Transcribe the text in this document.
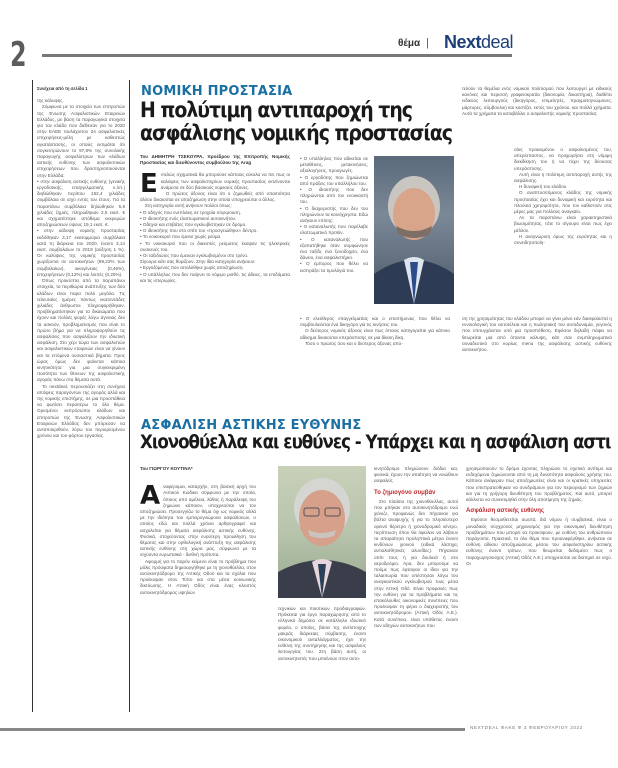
2	θέμα | Nextdeal
Συνέχεια από τη σελίδα 1

της κάλυψης.

Σύμφωνα με τα στοιχεία των επιτροπών της Ένωσης Ασφαλιστικών Εταιρειών Ελλάδος, με βάση τα παραγωγικά στοιχεία για τον κλάδο που διέθεσαν για το 2020 στην ΕΑΕΕ τουλάχιστον 24 ασφαλιστικές επιχειρήσεις-μέλη με καθεστώς εγκατάστασης, οι οποίες εκτιμάται ότι συγκεντρώνουν το 97,8% της συνολικής παραγωγής ασφαλίστρων των κλάδων αστικής ευθύνης των ασφαλιστικών επιχειρήσεων που δραστηριοποιούνται στην Ελλάδα:

• στην ασφάλιση αστικής ευθύνης (γενικής εργοδοτικής, επαγγελματικής κ.λπ.) διηθώθηκαν περίπου 152,4 χιλιάδες συμβόλαια σε ισχύ εντός του έτους. Για τα παραπάνω συμβόλαια δηλώθηκαν 5,8 χιλιάδες ζημιές, πληρώθηκαν 2,5 εκατ. € και σχηματίστηκε απόθεμα εκκρεμών αποζημιώσεων ύψους 19,1 εκατ. €.

• στην κάλυψη νομικής προστασίας εκδόθηκαν 3,17 εκατομμύρια συμβόλαια κατά τη διάρκεια του 2020, έναντι 3,14 εκατ. συμβολαίων το 2019 (αύξηση 1 %). Οι καλύψεις της νομικής προστασίας χωρίζονται σε αυτοκινήτων (99,22% των συμβολαίων), οικογένειας (0,46%), επιχειρήσεων (0,12%) και λοιπές (0,20%).

Όπως προκύπτει από τα παραπάνω στοιχεία, τα περιθώρια ανάπτυξης των δύο κλάδων είναι παρα πολύ μεγάλα. Τις τελευταίες ημέρες πάντως εκατοντάδες χιλιάδες άνθρωποι πληροφορήθηκαν, προβληματίστηκαν για τα δικαιώματα που έχουν και πολλές φορές λόγω άγνοιας δεν τα ασκούν, προβληματισμός που είναι το πρώτο βήμα για να πληροφορηθούν τις ασφαλίσεις που ασφαλίζουν την ιδιωτική ασφάλιση. Στο χέρι τώρα των ασφαλιστών και ασφαλιστικών εταιρειών είναι να γίνουν και τα επόμενα ουσιαστικά βήματα. Προς ώρας όμως δεν φαίνεται κάποια κινητικότητα για μια συγκεκριμένη ποσότητα των θέσεων της ασφαλιστικής αγοράς πάνω στα θέματα αυτά.

Το nextdeal, περουσιάζει στη συνέχεια απόψεις παραγόντων της αγοράς αλλά και της νομικής επιστήμης, σε μια προσπάθεια να φωτίσει περαιτέρω το όλο θέμα. Ορισμένοι εκπρόσωποι κλάδων και επιτροπών της Ένωσης Ασφαλιστικών Εταιρειών Ελλάδος δεν μπόρεσαν να ανταποκριθούν, λόγω του περιορισμένου χρόνου και του φόρτου εργασίας.

ΝΟΜΙΚΗ ΠΡΟΣΤΑΣΙΑ
Η πολύτιμη αντιπαροχή της
ασφάλισης νομικής προστασίας
Του ΔΗΜΗΤΡΗ ΤΣΕΚΟΥΡΑ, προέδρου της Επιτροπής Νομικής Προστασίας και διευθύνοντος συμβούλου της Arag
Ε ντελώς σχηματικά θα μπορούσε κάποιος εύκολα να πει πως οι καλύψεις των ασφαλιστηρίων νομικής προστασίας εκτείνονται ανάμεσα σε δύο βασικούς νομικούς άξονες.

Ο πρώτος άξονας είναι ότι ο ζημιωθείς από υπαιτιότητα άλλου δικαιούται σε αποζημίωση στην οποία υποχρεούται ο άλλος.

Στη κατηγορία αυτή ανήκουν πολλοί όπως:

• Ο οδηγός που ενεπλάκη σε τροχαία σύγκρουση.

• Ο ιδιοκτήτης ενός ελαττωματικού αυτοκινήτου.

• Οδηγοί και επιβάτες που εγκλωβίστηκαν σε δρόμο.

• Ο ιδιοκτήτης που στο σπίτι του «προσγειώθηκε» δέντρο.

• Το νοικοκυριό που έμεινε χωρίς ρεύμα.

• Το νοικοκυριό που οι διακοπές ρεύματος έκαψαν τις ηλεκτρικές συσκευές του.

• Οι ταξιδιώτες που έμειναν εγκλωβισμένοι στο τρένο.

Σίγουρα κάτι σας θυμίζουν. Στην ίδια κατηγορία ανήκουν:

• Εργαζόμενος που απολύθηκε χωρίς αποζημίωση.

• Ο υπάλληλος που δεν παίρνει το νόμιμο μισθό, τις άδειες, τα επιδόματα και τις υπερωρίες.

• Ο υπάλληλος που αδικείται σε μεταθέσεις, μετακινήσεις, αξιολογήσεις, προαγωγές.

• Ο εργοδότης που ζημιώνεται από πράξεις του υπαλλήλου του.

• Ο ιδιοκτήτης που δεν πληρώνεται από τον ενοικιαστή του.

• Ο διαχειριστής που δεν του πληρώνουν τα κοινόχρηστα. Εδώ ανήκουν επίσης:

• Ο καταναλωτής που παρέλαβε ελαττωματικό προϊόν.

• Ο καταναλωτής που εξαπατήθηκε όταν συμφώνησε ένα ταξίδι, ένα ξενοδοχείο, ένα δάνειο, ένα ασφαλιστήριο.

• Ο έμπορος που θέλει να εισπράξει τα τιμολόγιά του.

• Ο ελεύθερος επαγγελματίας και ο επιστήμονας που θέλει να συμβουλεύεται ένα δικηγόρο για τις κινήσεις του.

Ο δεύτερος νομικός άξονας είναι πως όποιος κατηγορείται για κάποιο αδίκημα δικαιούται υπεράσπισης σε μια δίκαιη δίκη.

Τόσο ο πρώτος όσο και ο δεύτερος άξονας απο-

τελούν τα θεμέλια ενός νομικού πολιτισμού που λειτουργεί με ειδικούς κανόνες και περισσή γραφειοκρατία (δικονομία, δικαστήρια), διαθέτει ειδικούς λειτουργούς (δικηγόρος, επιμελητές, πραγματογνώμονες, μάρτυρες, σύμβουλοι) και κοστίζει, εκτός του χρόνου, και πολλά χρήματα. Αυτά τα χρήματα τα καταβάλλει ο ασφαλιστής νομικής προστασίας

σίας προκειμένου ο ασφαλισμένος του, απερίσπαστος, να προχωρήσει στη νόμιμη διεκδίκηση του ή να τύχει της δέουσας υπεράσπισης.

Αυτή είναι η πολύτιμη αντιπαροχή αυτής της ασφάλισης.

Η δυναμική του κλάδου

Ο αναπτυσσόμενος κλάδος της νομικής προστασίας έχει και δυναμική και ευρύτητα και πλούσια χρησιμότητα, που τον καθιστούν στις μέρες μας για πολλούς αναγκαίο.

Αν τα παραπάνω είναι χαρακτηριστικά βιωσιμότητας, τότε το σίγουρο είναι πως έχει μέλλον.

Η αναγνώριση όμως της ευρύτητας και η συνειδητοποίη-

ση της χρησιμότητας του κλάδου μπορεί να γίνει μόνο εάν διασφαλιστεί η εννοιολογική του αυτοτέλεια και η πωλησιακή του αυτοδυναμία, γεγονός που επιτυγχάνεται υπό μια προϋπόθεση. Εφόσον δηλαδή πάψει να θεωρείται μια από όπαντα κάλυψη, κάτι σαν συμπληρωματικό συναδευτικό στο κυρίως menu της ασφάλισης αστικής ευθύνης αυτοκινήτου.

ΑΣΦΑΛΙΣΗ ΑΣΤΙΚΗΣ ΕΥΘΥΝΗΣ
Χιονοθύελλα και ευθύνες - Υπάρχει και η ασφάλιση αστι
Του ΓΙΩΡΓΟΥ ΚΟΥΤΙΝΑ*
Α ναφέρομαι, καταρχήν, στη βασική αρχή του Αστικού Κώδικα σύμφωνα με την οποία, όποιος από αμέλεια, λάθος ή παράλειψη του ζημιώνει κάποιον, υποχρεούται να τον αποζημιώσει. Προσεγγίζω το θέμα όχι ως νομικός αλλά με την ιδιότητα του εμπειρογνώμονα ασφαλίσεων, ο οποίος εδώ και πολλά χρόνια αρθρογραφεί και ασχολείται για θέματα ασφάλισης αστικής ευθύνης. Φυσικά, στοχεύοντας στην ευρύτερη προώθηση του θέματος και στην ορθολογική ανάπτυξη της ασφάλισης αστικής ευθύνης στη χώρα μας, σύμφωνα με τα ισχύοντα ευρωπαϊκά - διεθνή πρότυπα.

Αφορμή για το παρόν κείμενο είναι το πρόβλημα που μόλις πρόσφατα δημιουργήθηκε με τη χιονοθύελλα, στον αυτοκινητόδρομο της Αττικής Οδού και τα σχόλια που προέκυψαν στον Τύπο και στα μέσα κοινωνικής δικτύωσης. Η Αττική Οδός είναι ένας κλειστός αυτοκινητόδρομος υψηλών

τεχνικών και ποιοτικών προδιαγραφών. Πρόκειται για έργο παραχώρησης από το ελληνικό δημόσιο σε κατάλληλο ιδιωτικό φορέα, ο οποίος, βάσει της αντίστοιχης μακράς διάρκειας σύμβασης, έναντι οικονομικού ανταλλάγματος, έχει την ευθύνη της συντήρησης και της ασφαλούς λειτουργίας του. Στη βάση αυτή, οι αυτοκινητιστές που μπαίνουν στον αυτο-

κινητόδρομο πληρώνουν διόδια και, φυσικά, έχουν την απαίτηση να νοιώθουν ασφαλείς.

Το ζημιογόνο συμβάν

Στο πλαίσιο της χιονοθύελλας, αυτοί που μπήκαν στο αυτοκινητόδρομο ενώ χιόνιζε, προφανώς δεν πήγαιναν για βόλτα αναψυχής ή για το πλησιέστερο ορεινό θέρετρο ή χιονοδρομικό κέντρο, περίπτωση όπου θα όφειλαν να λάβουν τα απαραίτητα προληπτικά μέτρα έναντι κινδύνων χιονιού (ειδικά λάστιχα, αντιολισθητικές αλυσίδες). Πήγαιναν οπίτι τους ή για δουλειά ή στο αεροδρόμιο. Άρα, δεν μπορούμε να πούμε πως έφταιγαν οι ίδιοι για την ταλαιπωρία που υπέστησαν λόγω του αναγκαστικού εγκλωβισμού τους μέσα στην Αττική Οδό. Είναι προφανές πως την ευθύνη για τα προβλήματα και τις επακόλουθες οικονομικές συνέπειες που προέκυψαν τη φέρει ο διαχειριστής του αυτοκινητόδρομου (Αττική Οδός Α.Ε.). Κατά συνέπεια, είναι υπόθετος έναντι των οδηγών αυτοκινήτων που

χρησιμοποιούν το δρόμο έχοντας πληρώσει το σχετικό αντίτιμο και ενδεχόμενα ζημιώνονται από τη μη δυνατότητα ασφαλούς χρήσης του. Κάποιοι ανέφεραν πως αποζημιωτέες είναι και οι κρατικές υπηρεσίες που επιστρατεύθηκαν να συνδράμουν για τον περιορισμό των ζημιών και για τη γρήγορη διευθέτηση του προβλήματος. Και αυτό, μπορεί κάλλιστα να συνεκτιμηθεί στην όλη αποτίμηση της ζημιάς.

Ασφάλιση αστικής ευθύνης

Εφόσον θεσμοθετείται σωστά, διά νόμου ή συμβατικά, είναι ο μοναδικός σύγχρονος μηχανισμός για την οικονομική διευθέτηση προβλημάτων που μπορεί να προκύψουν, με ευθύνη του ανθρώπινου παράγοντα. Πρακτικά, το όλο θέμα που προαναφέρθηκε, ανήκεται σε ευθύνη αδίκου αποζημιώσεως μέσου του ασφαλιστηρίου αστικής ευθύνης έναντι τρίτων, που θεωρείται δεδομένο πως ο παραχωρησιούχος (Αττική Οδός Α.Ε.) υποχρεούται να διατηρεί σε ισχύ. Οι

NEXTDEAL ΦΑΚΕ Φ 3 ΦΕΒΡΟΥΑΡΙΟΥ 2022
